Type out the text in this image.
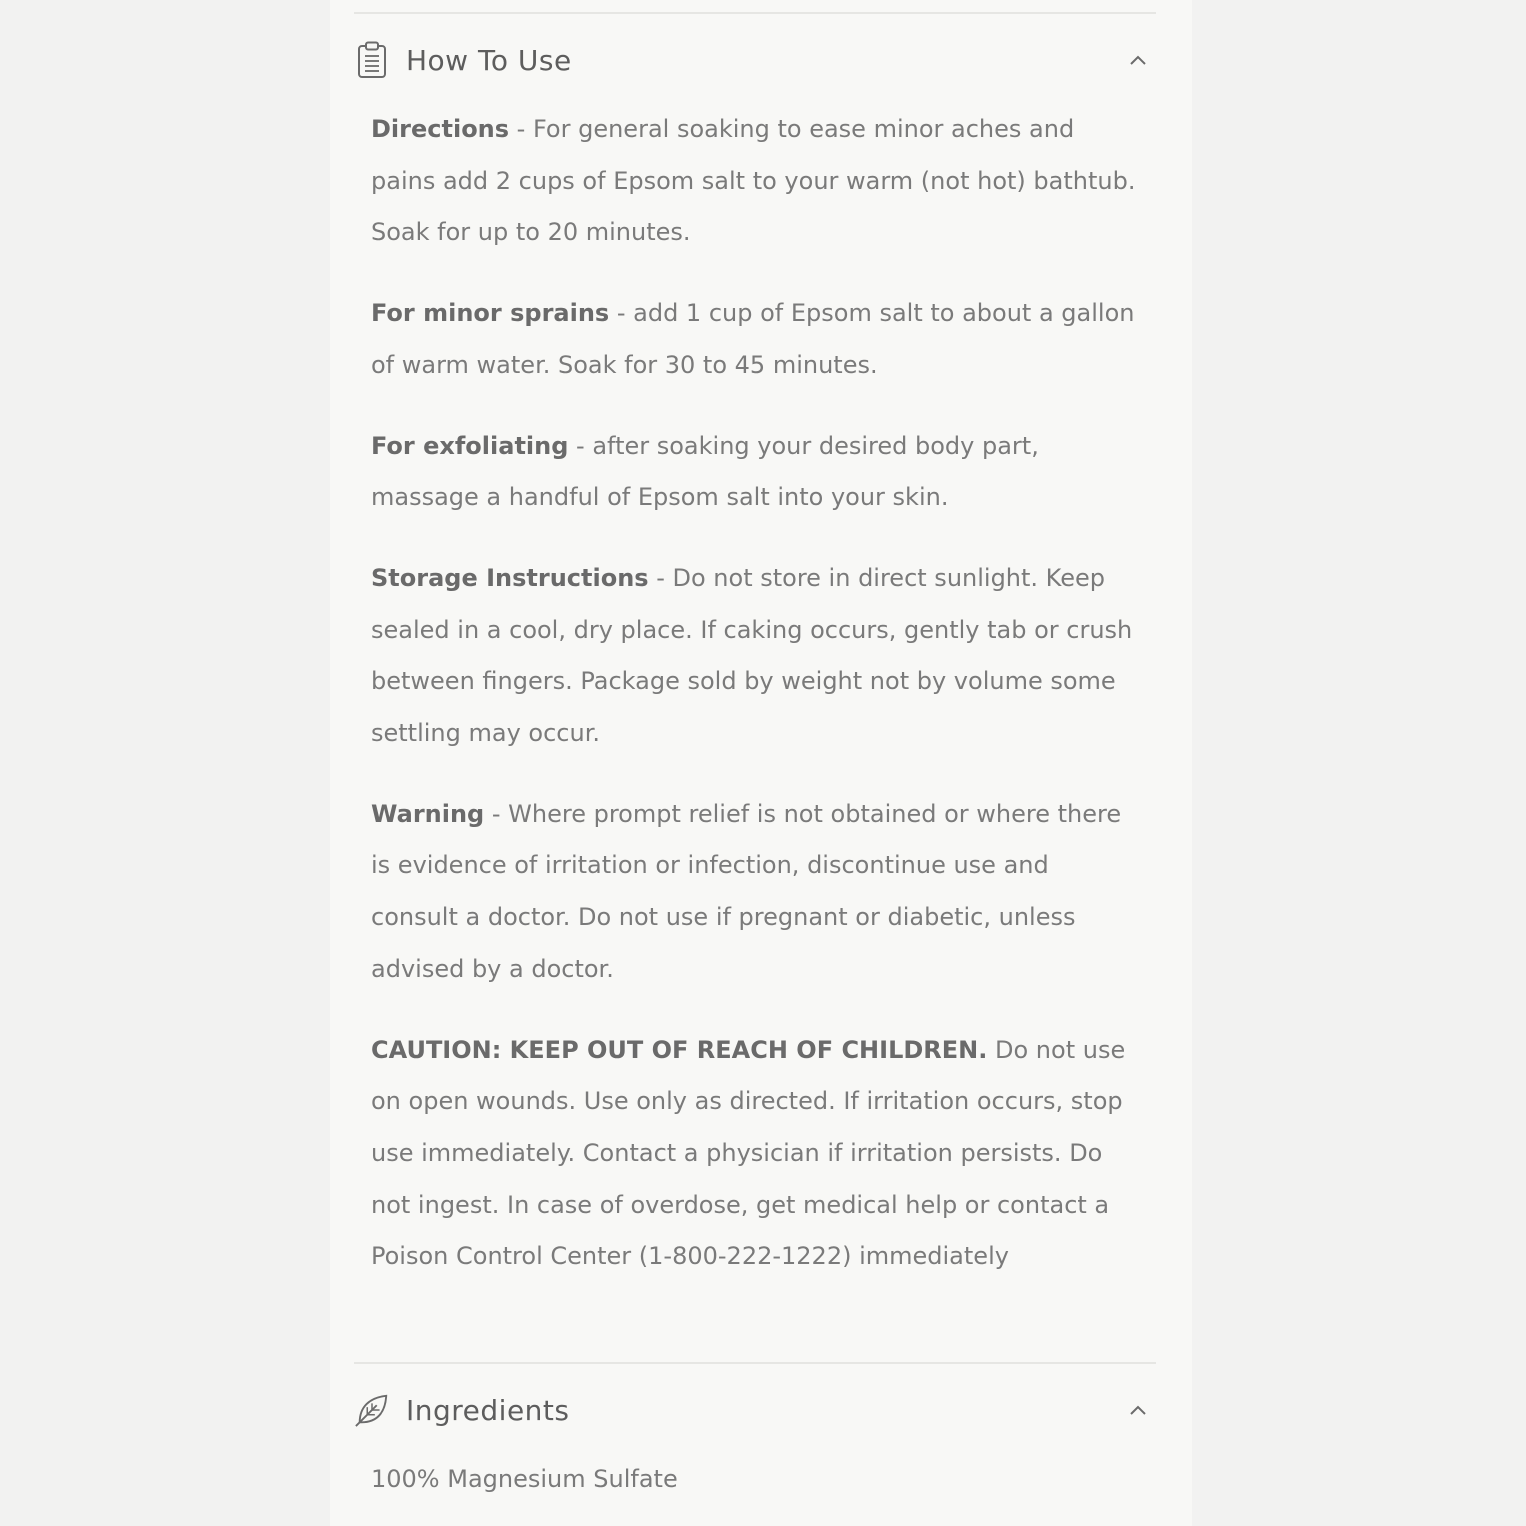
How To Use

Directions - For general soaking to ease minor aches and pains add 2 cups of Epsom salt to your warm (not hot) bathtub. Soak for up to 20 minutes.

For minor sprains - add 1 cup of Epsom salt to about a gallon of warm water. Soak for 30 to 45 minutes.

For exfoliating - after soaking your desired body part, massage a handful of Epsom salt into your skin.

Storage Instructions - Do not store in direct sunlight. Keep sealed in a cool, dry place. If caking occurs, gently tab or crush between fingers. Package sold by weight not by volume some settling may occur.

Warning - Where prompt relief is not obtained or where there is evidence of irritation or infection, discontinue use and consult a doctor. Do not use if pregnant or diabetic, unless advised by a doctor.

CAUTION: KEEP OUT OF REACH OF CHILDREN. Do not use on open wounds. Use only as directed. If irritation occurs, stop use immediately. Contact a physician if irritation persists. Do not ingest. In case of overdose, get medical help or contact a Poison Control Center (1-800-222-1222) immediately

Ingredients

100% Magnesium Sulfate
